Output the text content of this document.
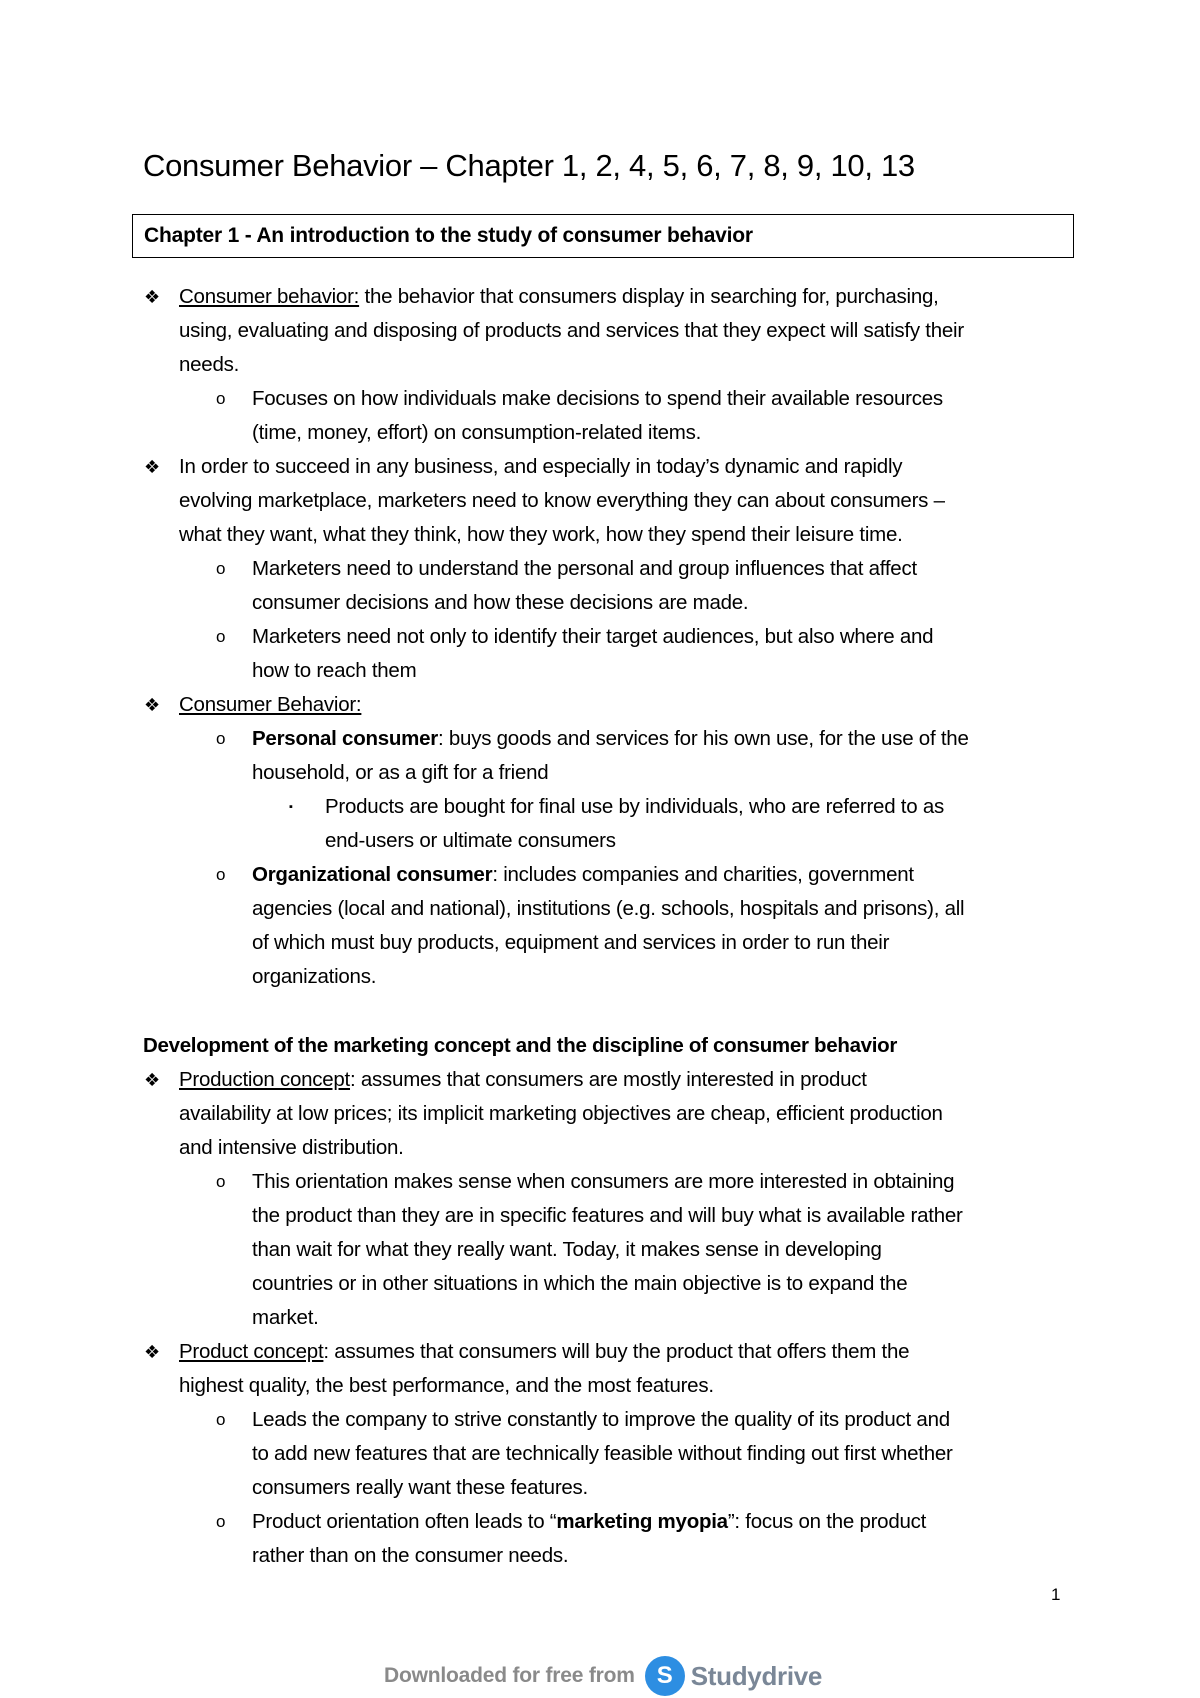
Consumer Behavior – Chapter 1, 2, 4, 5, 6, 7, 8, 9, 10, 13
Chapter 1 - An introduction to the study of consumer behavior
❖ Consumer behavior: the behavior that consumers display in searching for, purchasing,
using, evaluating and disposing of products and services that they expect will satisfy their
needs.
o Focuses on how individuals make decisions to spend their available resources
(time, money, effort) on consumption-related items.
❖ In order to succeed in any business, and especially in today’s dynamic and rapidly
evolving marketplace, marketers need to know everything they can about consumers –
what they want, what they think, how they work, how they spend their leisure time.
o Marketers need to understand the personal and group influences that affect
consumer decisions and how these decisions are made.
o Marketers need not only to identify their target audiences, but also where and
how to reach them
❖ Consumer Behavior:
o Personal consumer: buys goods and services for his own use, for the use of the
household, or as a gift for a friend
▪ Products are bought for final use by individuals, who are referred to as
end-users or ultimate consumers
o Organizational consumer: includes companies and charities, government
agencies (local and national), institutions (e.g. schools, hospitals and prisons), all
of which must buy products, equipment and services in order to run their
organizations.
Development of the marketing concept and the discipline of consumer behavior
❖ Production concept: assumes that consumers are mostly interested in product
availability at low prices; its implicit marketing objectives are cheap, efficient production
and intensive distribution.
o This orientation makes sense when consumers are more interested in obtaining
the product than they are in specific features and will buy what is available rather
than wait for what they really want. Today, it makes sense in developing
countries or in other situations in which the main objective is to expand the
market.
❖ Product concept: assumes that consumers will buy the product that offers them the
highest quality, the best performance, and the most features.
o Leads the company to strive constantly to improve the quality of its product and
to add new features that are technically feasible without finding out first whether
consumers really want these features.
o Product orientation often leads to “marketing myopia”: focus on the product
rather than on the consumer needs.
1
Downloaded for free from S Studydrive
